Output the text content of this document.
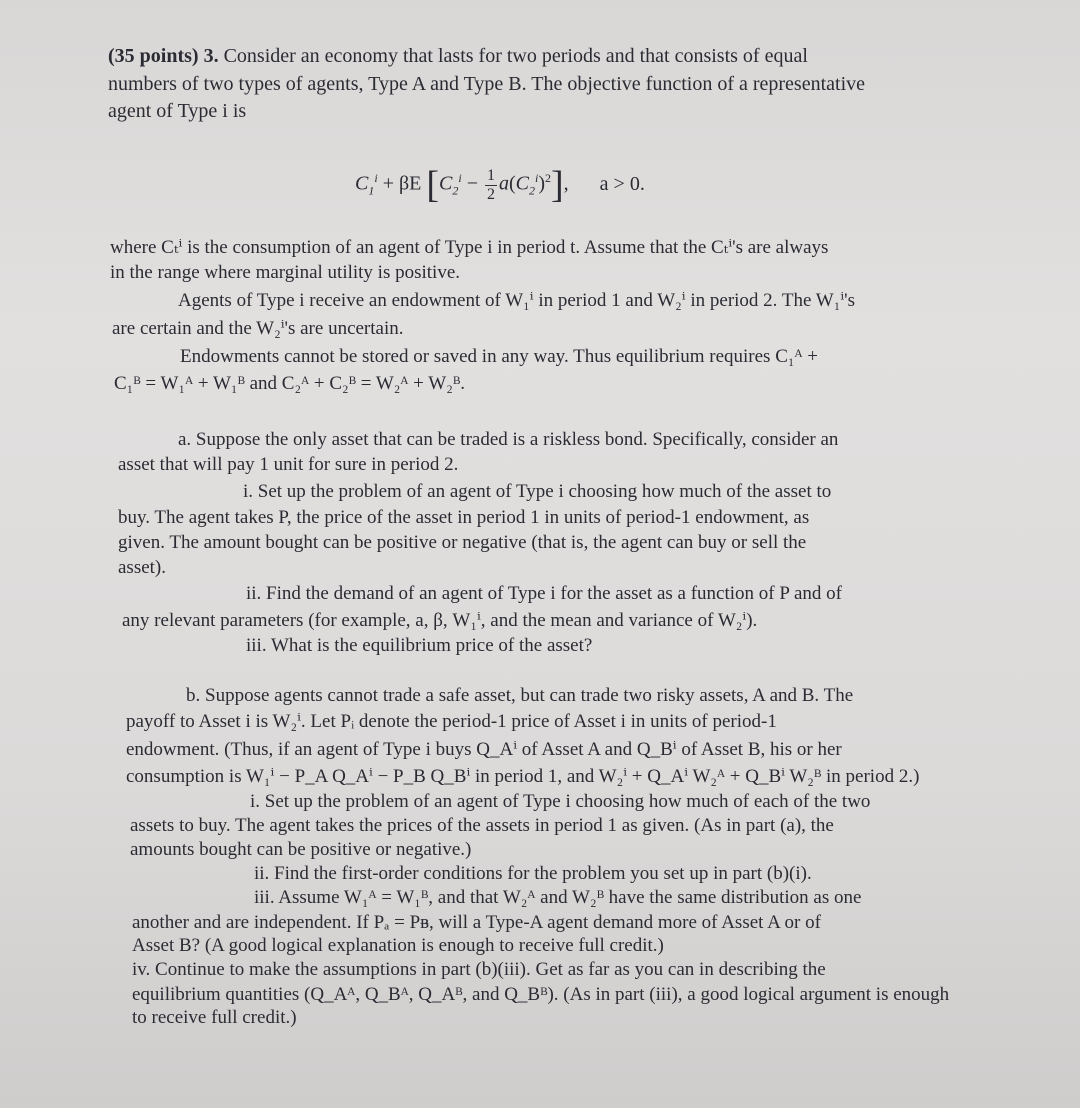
(35 points) 3. Consider an economy that lasts for two periods and that consists of equal

numbers of two types of agents, Type A and Type B. The objective function of a representative

agent of Type i is

$C_1^i + \beta E$ $[C_2^i - \frac{1}{2} a(C_2^i)^2]$, a > 0.

where Cₜⁱ is the consumption of an agent of Type i in period t. Assume that the Cₜⁱ's are always

in the range where marginal utility is positive.

Agents of Type i receive an endowment of W₁ⁱ in period 1 and W₂ⁱ in period 2. The W₁ⁱ's

are certain and the W₂ⁱ's are uncertain.

Endowments cannot be stored or saved in any way. Thus equilibrium requires C₁ᴬ +

C₁ᴮ = W₁ᴬ + W₁ᴮ and C₂ᴬ + C₂ᴮ = W₂ᴬ + W₂ᴮ.

a. Suppose the only asset that can be traded is a riskless bond. Specifically, consider an

asset that will pay 1 unit for sure in period 2.

i. Set up the problem of an agent of Type i choosing how much of the asset to

buy. The agent takes P, the price of the asset in period 1 in units of period-1 endowment, as

given. The amount bought can be positive or negative (that is, the agent can buy or sell the

asset).

ii. Find the demand of an agent of Type i for the asset as a function of P and of

any relevant parameters (for example, a, β, W₁ⁱ, and the mean and variance of W₂ⁱ).

iii. What is the equilibrium price of the asset?

b. Suppose agents cannot trade a safe asset, but can trade two risky assets, A and B. The

payoff to Asset i is W₂ⁱ. Let Pᵢ denote the period-1 price of Asset i in units of period-1

endowment. (Thus, if an agent of Type i buys Q_Aⁱ of Asset A and Q_Bⁱ of Asset B, his or her

consumption is W₁ⁱ − P_A Q_Aⁱ − P_B Q_Bⁱ in period 1, and W₂ⁱ + Q_Aⁱ W₂ᴬ + Q_Bⁱ W₂ᴮ in period 2.)

i. Set up the problem of an agent of Type i choosing how much of each of the two

assets to buy. The agent takes the prices of the assets in period 1 as given. (As in part (a), the

amounts bought can be positive or negative.)

ii. Find the first-order conditions for the problem you set up in part (b)(i).

iii. Assume W₁ᴬ = W₁ᴮ, and that W₂ᴬ and W₂ᴮ have the same distribution as one

another and are independent. If Pₐ = Pᴃ, will a Type-A agent demand more of Asset A or of

Asset B? (A good logical explanation is enough to receive full credit.)

iv. Continue to make the assumptions in part (b)(iii). Get as far as you can in describing the

equilibrium quantities (Q_Aᴬ, Q_Bᴬ, Q_Aᴮ, and Q_Bᴮ). (As in part (iii), a good logical argument is enough

to receive full credit.)
